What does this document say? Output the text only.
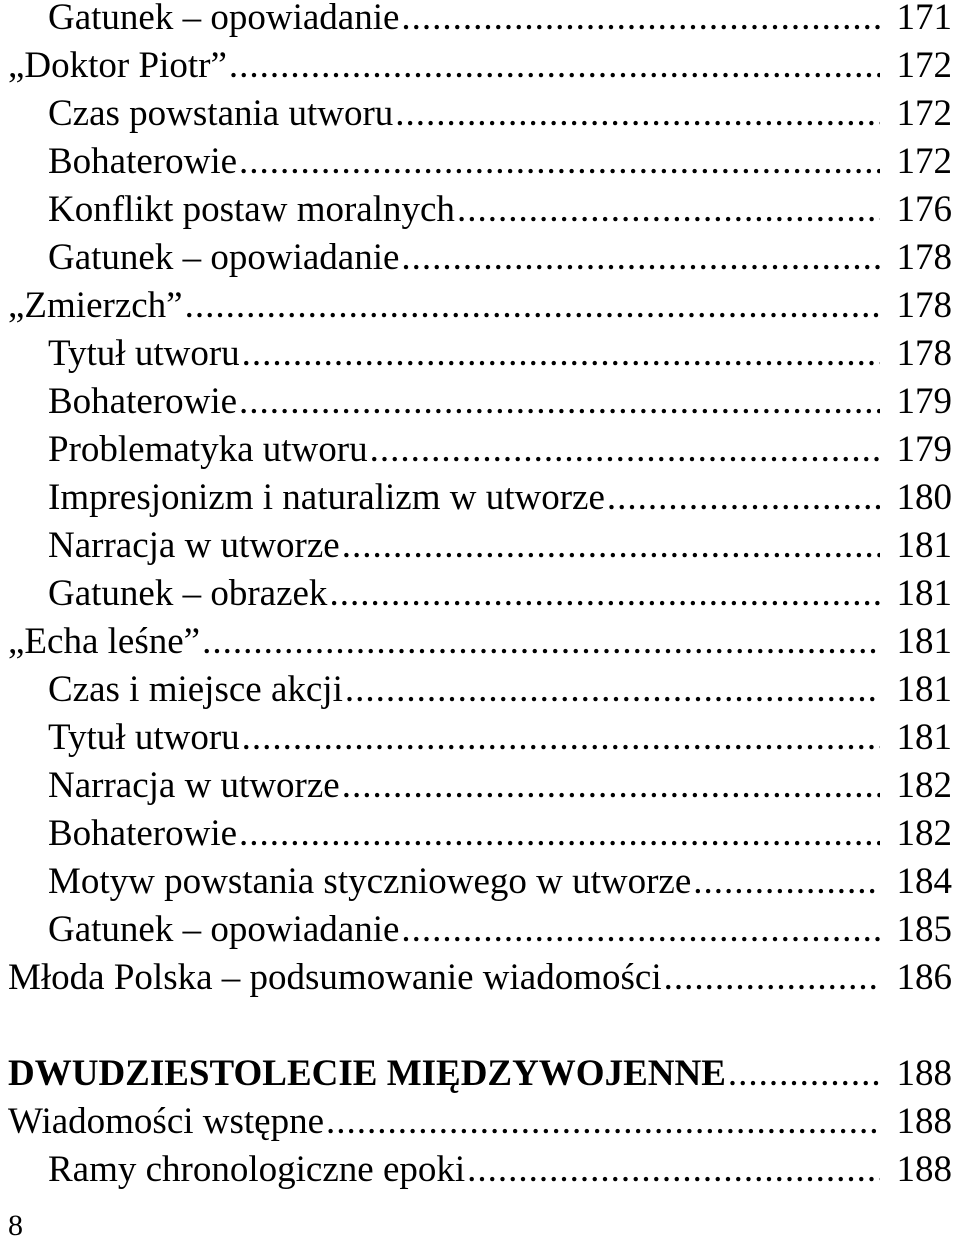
Gatunek – opowiadanie .....	171
„Doktor Piotr” .....	172
Czas powstania utworu .....	172
Bohaterowie .....	172
Konflikt postaw moralnych .....	176
Gatunek – opowiadanie .....	178
„Zmierzch” .....	178
Tytuł utworu .....	178
Bohaterowie .....	179
Problematyka utworu .....	179
Impresjonizm i naturalizm w utworze .....	180
Narracja w utworze .....	181
Gatunek – obrazek .....	181
„Echa leśne” .....	181
Czas i miejsce akcji .....	181
Tytuł utworu .....	181
Narracja w utworze .....	182
Bohaterowie .....	182
Motyw powstania styczniowego w utworze .....	184
Gatunek – opowiadanie .....	185
Młoda Polska – podsumowanie wiadomości .....	186
DWUDZIESTOLECIE MIĘDZYWOJENNE .....	188
Wiadomości wstępne .....	188
Ramy chronologiczne epoki .....	188
8
